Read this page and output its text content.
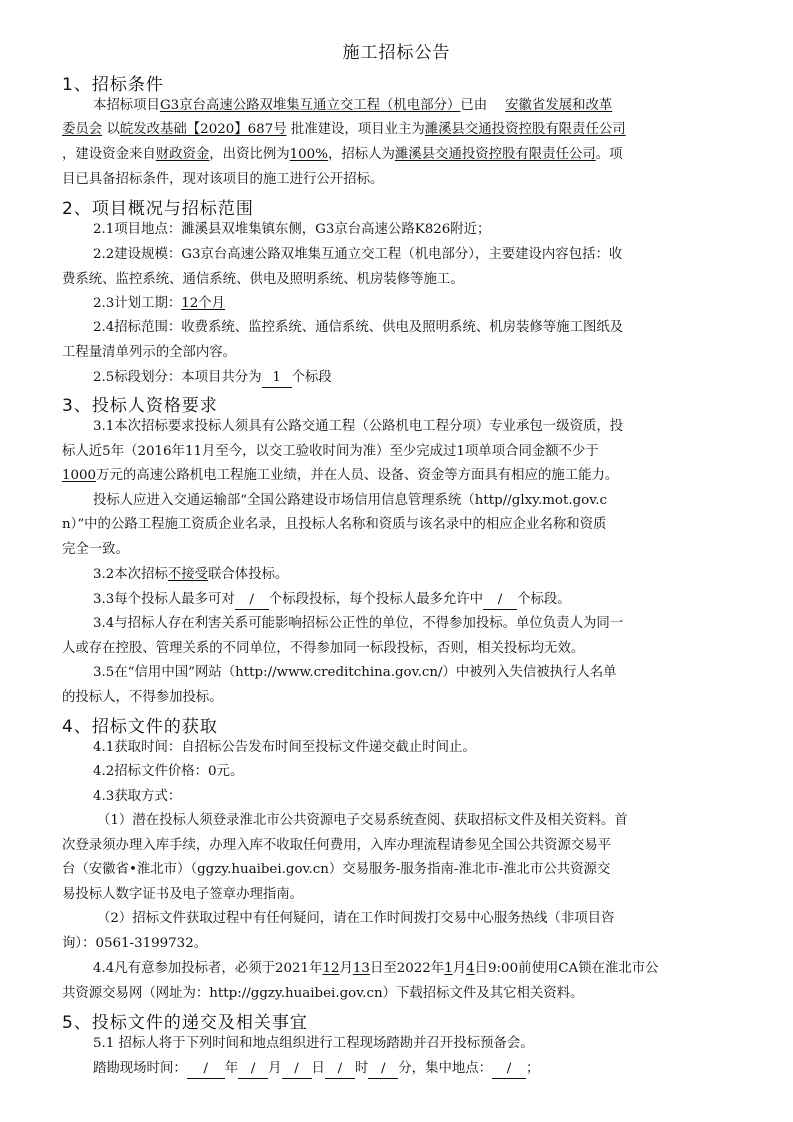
施工招标公告
1、招标条件
本招标项目G3京台高速公路双堆集互通立交工程（机电部分）已由 安徽省发展和改革
委员会 以皖发改基础【2020】687号 批准建设，项目业主为濉溪县交通投资控股有限责任公司
，建设资金来自财政资金，出资比例为100%，招标人为濉溪县交通投资控股有限责任公司。项
目已具备招标条件，现对该项目的施工进行公开招标。
2、项目概况与招标范围
2.1项目地点：濉溪县双堆集镇东侧，G3京台高速公路K826附近；
2.2建设规模：G3京台高速公路双堆集互通立交工程（机电部分），主要建设内容包括：收
费系统、监控系统、通信系统、供电及照明系统、机房装修等施工。
2.3计划工期：12个月
2.4招标范围：收费系统、监控系统、通信系统、供电及照明系统、机房装修等施工图纸及
工程量清单列示的全部内容。
2.5标段划分：本项目共分为 1 个标段
3、投标人资格要求
3.1本次招标要求投标人须具有公路交通工程（公路机电工程分项）专业承包一级资质，投
标人近5年（2016年11月至今，以交工验收时间为准）至少完成过1项单项合同金额不少于
1000万元的高速公路机电工程施工业绩，并在人员、设备、资金等方面具有相应的施工能力。
投标人应进入交通运输部“全国公路建设市场信用信息管理系统（http//glxy.mot.gov.c
n）”中的公路工程施工资质企业名录，且投标人名称和资质与该名录中的相应企业名称和资质
完全一致。
3.2本次招标不接受联合体投标。
3.3每个投标人最多可对 / 个标段投标，每个投标人最多允许中 / 个标段。
3.4与招标人存在利害关系可能影响招标公正性的单位，不得参加投标。单位负责人为同一
人或存在控股、管理关系的不同单位，不得参加同一标段投标，否则，相关投标均无效。
3.5在“信用中国”网站（http://www.creditchina.gov.cn/）中被列入失信被执行人名单
的投标人，不得参加投标。
4、招标文件的获取
4.1获取时间：自招标公告发布时间至投标文件递交截止时间止。
4.2招标文件价格：0元。
4.3获取方式：
（1）潜在投标人须登录淮北市公共资源电子交易系统查阅、获取招标文件及相关资料。首
次登录须办理入库手续，办理入库不收取任何费用，入库办理流程请参见全国公共资源交易平
台（安徽省•淮北市）（ggzy.huaibei.gov.cn）交易服务-服务指南-淮北市-淮北市公共资源交
易投标人数字证书及电子签章办理指南。
（2）招标文件获取过程中有任何疑问，请在工作时间拨打交易中心服务热线（非项目咨
询）：0561-3199732。
4.4凡有意参加投标者，必须于2021年12月13日至2022年1月4日9:00前使用CA锁在淮北市公
共资源交易网（网址为：http://ggzy.huaibei.gov.cn）下载招标文件及其它相关资料。
5、投标文件的递交及相关事宜
5.1 招标人将于下列时间和地点组织进行工程现场踏勘并召开投标预备会。
踏勘现场时间： / 年 / 月 / 日 / 时 / 分，集中地点： / ；
